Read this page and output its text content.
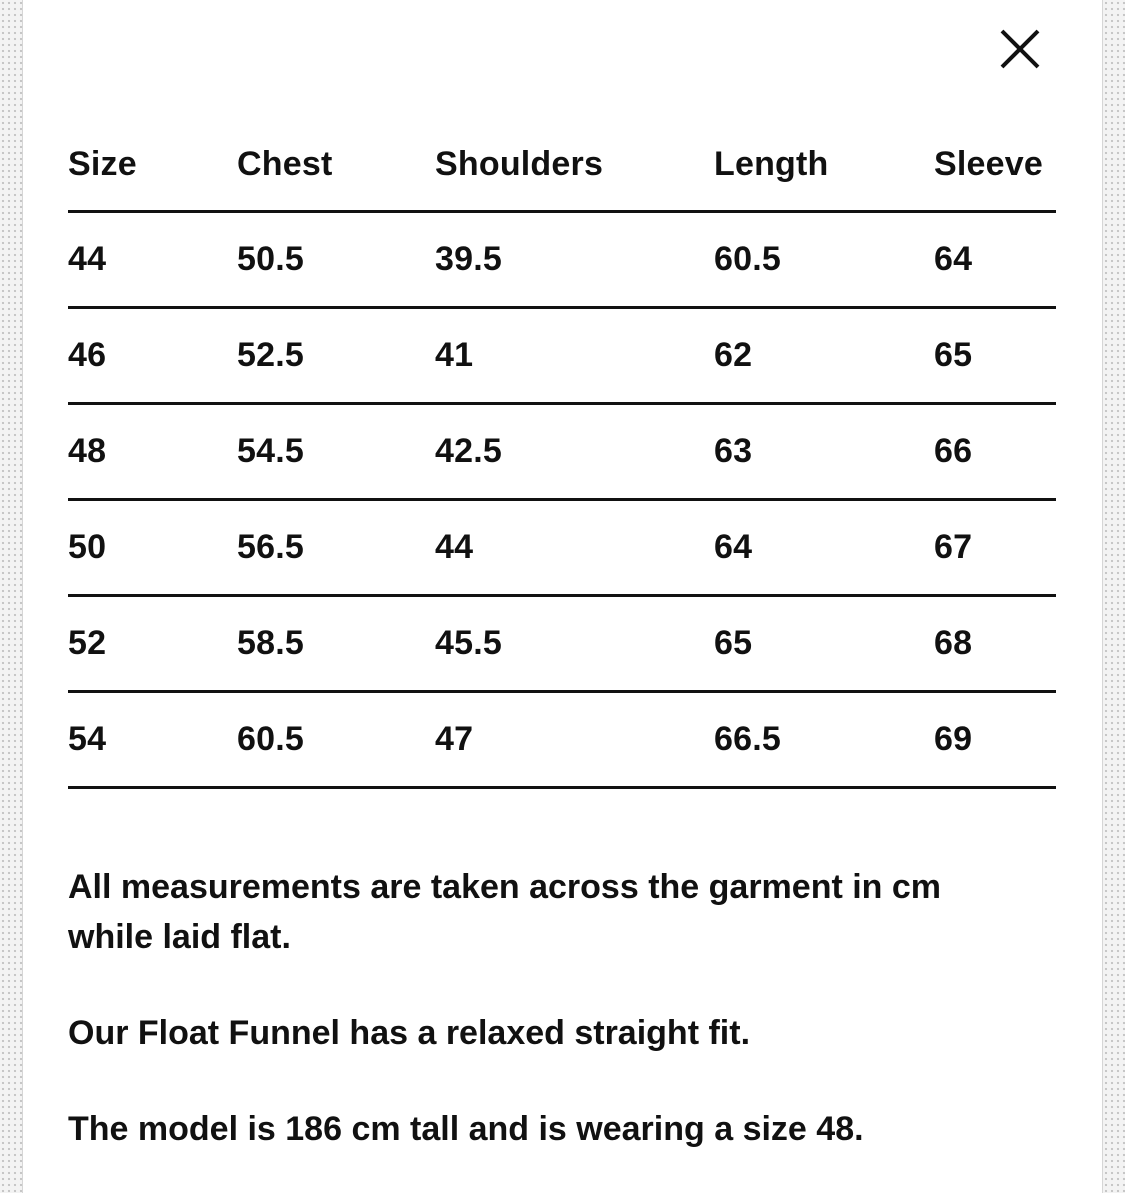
Size	Chest	Shoulders	Length	Sleeve
44	50.5	39.5	60.5	64
46	52.5	41	62	65
48	54.5	42.5	63	66
50	56.5	44	64	67
52	58.5	45.5	65	68
54	60.5	47	66.5	69

All measurements are taken across the garment in cm while laid flat.

Our Float Funnel has a relaxed straight fit.

The model is 186 cm tall and is wearing a size 48.
